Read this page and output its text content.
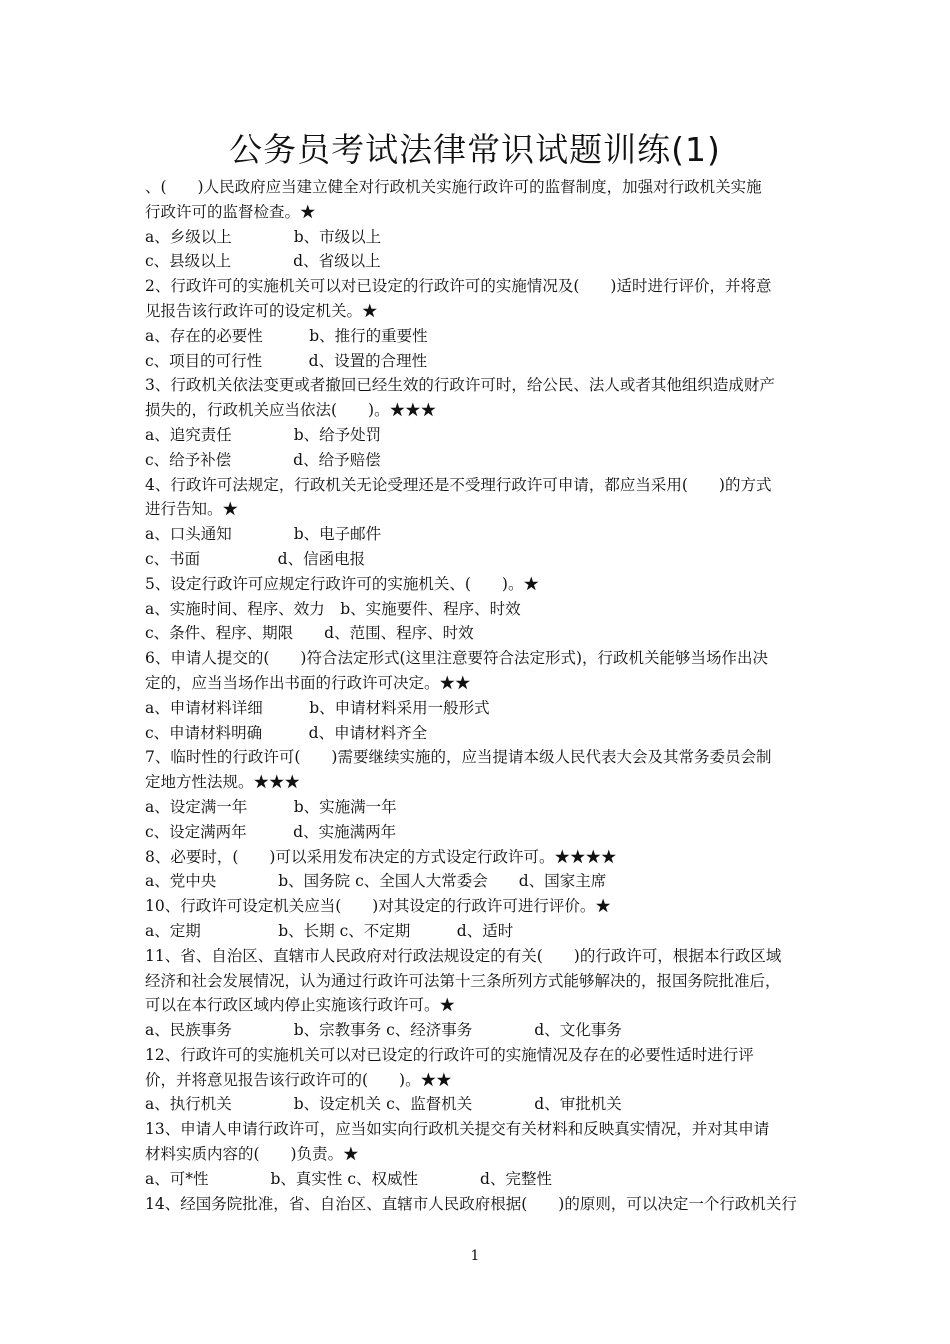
公务员考试法律常识试题训练(1)
、(　　)人民政府应当建立健全对行政机关实施行政许可的监督制度，加强对行政机关实施
行政许可的监督检查。★
a、乡级以上　　　　b、市级以上
c、县级以上　　　　d、省级以上
2、行政许可的实施机关可以对已设定的行政许可的实施情况及(　　)适时进行评价，并将意
见报告该行政许可的设定机关。★
a、存在的必要性　　　b、推行的重要性
c、项目的可行性　　　d、设置的合理性
3、行政机关依法变更或者撤回已经生效的行政许可时，给公民、法人或者其他组织造成财产
损失的，行政机关应当依法(　　)。★★★
a、追究责任　　　　b、给予处罚
c、给予补偿　　　　d、给予赔偿
4、行政许可法规定，行政机关无论受理还是不受理行政许可申请，都应当采用(　　)的方式
进行告知。★
a、口头通知　　　　b、电子邮件
c、书面　　　　　d、信函电报
5、设定行政许可应规定行政许可的实施机关、(　　)。★
a、实施时间、程序、效力　b、实施要件、程序、时效
c、条件、程序、期限　　d、范围、程序、时效
6、申请人提交的(　　)符合法定形式(这里注意要符合法定形式)，行政机关能够当场作出决
定的，应当当场作出书面的行政许可决定。★★
a、申请材料详细　　　b、申请材料采用一般形式
c、申请材料明确　　　d、申请材料齐全
7、临时性的行政许可(　　)需要继续实施的，应当提请本级人民代表大会及其常务委员会制
定地方性法规。★★★
a、设定满一年　　　b、实施满一年
c、设定满两年　　　d、实施满两年
8、必要时，(　　)可以采用发布决定的方式设定行政许可。★★★★
a、党中央　　　　b、国务院 c、全国人大常委会　　d、国家主席
10、行政许可设定机关应当(　　)对其设定的行政许可进行评价。★
a、定期　　　　　b、长期 c、不定期　　　d、适时
11、省、自治区、直辖市人民政府对行政法规设定的有关(　　)的行政许可，根据本行政区域
经济和社会发展情况，认为通过行政许可法第十三条所列方式能够解决的，报国务院批准后，
可以在本行政区域内停止实施该行政许可。★
a、民族事务　　　　b、宗教事务 c、经济事务　　　　d、文化事务
12、行政许可的实施机关可以对已设定的行政许可的实施情况及存在的必要性适时进行评
价，并将意见报告该行政许可的(　　)。★★
a、执行机关　　　　b、设定机关 c、监督机关　　　　d、审批机关
13、申请人申请行政许可，应当如实向行政机关提交有关材料和反映真实情况，并对其申请
材料实质内容的(　　)负责。★
a、可*性　　　　b、真实性 c、权威性　　　　d、完整性
14、经国务院批准，省、自治区、直辖市人民政府根据(　　)的原则，可以决定一个行政机关行
1
